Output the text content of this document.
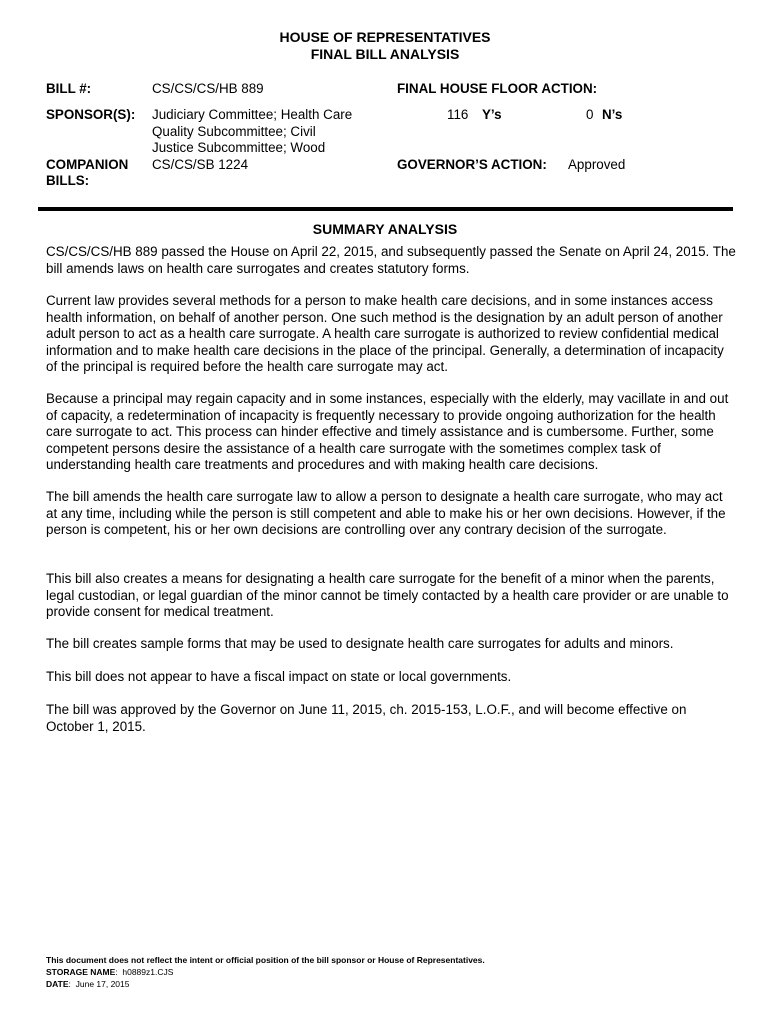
HOUSE OF REPRESENTATIVES
FINAL BILL ANALYSIS
BILL #:	CS/CS/CS/HB 889
SPONSOR(S): Judiciary Committee; Health Care
Quality Subcommittee; Civil
Justice Subcommittee; Wood
COMPANION
BILLS:
CS/CS/SB 1224
FINAL HOUSE FLOOR ACTION:
116 Y’s	0 N’s
GOVERNOR’S ACTION: Approved
SUMMARY ANALYSIS

CS/CS/CS/HB 889 passed the House on April 22, 2015, and subsequently passed the Senate on April 24, 2015. The bill amends laws on health care surrogates and creates statutory forms.

Current law provides several methods for a person to make health care decisions, and in some instances access health information, on behalf of another person. One such method is the designation by an adult person of another adult person to act as a health care surrogate. A health care surrogate is authorized to review confidential medical information and to make health care decisions in the place of the principal. Generally, a determination of incapacity of the principal is required before the health care surrogate may act.

Because a principal may regain capacity and in some instances, especially with the elderly, may vacillate in and out of capacity, a redetermination of incapacity is frequently necessary to provide ongoing authorization for the health care surrogate to act. This process can hinder effective and timely assistance and is cumbersome. Further, some competent persons desire the assistance of a health care surrogate with the sometimes complex task of understanding health care treatments and procedures and with making health care decisions.

The bill amends the health care surrogate law to allow a person to designate a health care surrogate, who may act at any time, including while the person is still competent and able to make his or her own decisions. However, if the person is competent, his or her own decisions are controlling over any contrary decision of the surrogate.

This bill also creates a means for designating a health care surrogate for the benefit of a minor when the parents, legal custodian, or legal guardian of the minor cannot be timely contacted by a health care provider or are unable to provide consent for medical treatment.

The bill creates sample forms that may be used to designate health care surrogates for adults and minors.

This bill does not appear to have a fiscal impact on state or local governments.

The bill was approved by the Governor on June 11, 2015, ch. 2015-153, L.O.F., and will become effective on October 1, 2015.

This document does not reflect the intent or official position of the bill sponsor or House of Representatives.
STORAGE NAME:  h0889z1.CJS
DATE:  June 17, 2015
